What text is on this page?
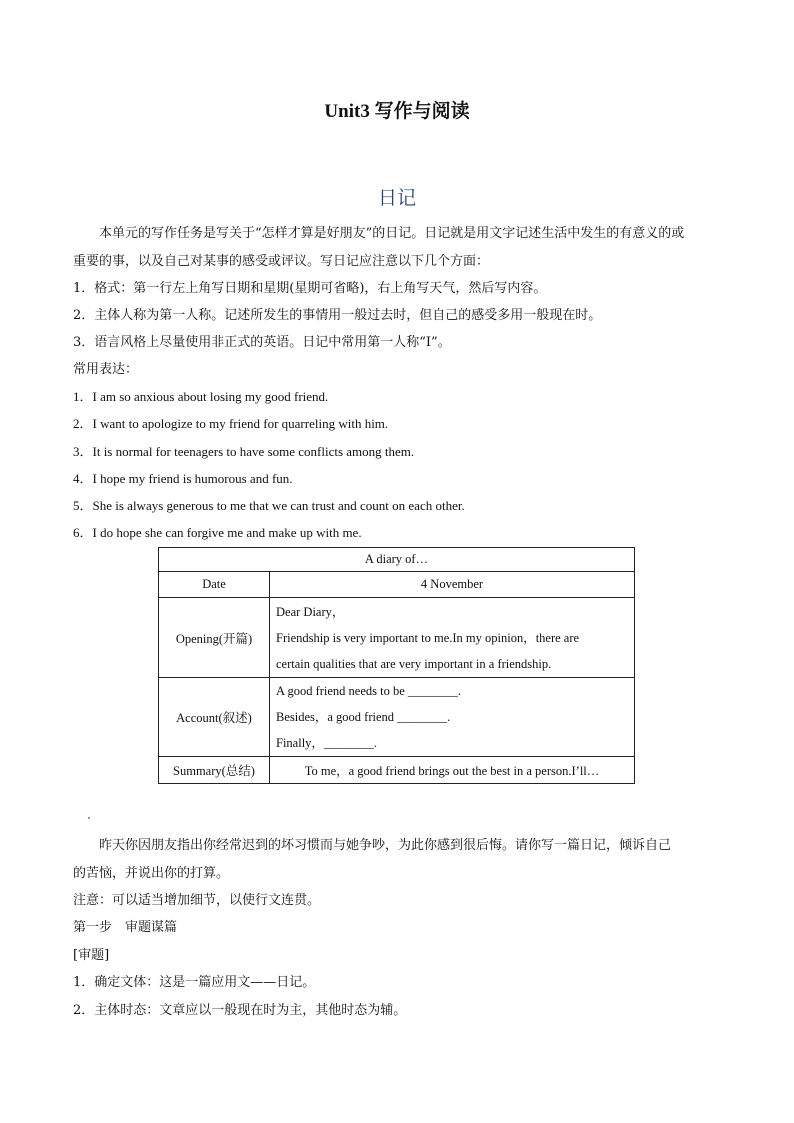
Unit3 写作与阅读
日记
本单元的写作任务是写关于“怎样才算是好朋友”的日记。日记就是用文字记述生活中发生的有意义的或
重要的事，以及自己对某事的感受或评议。写日记应注意以下几个方面：
1．格式：第一行左上角写日期和星期(星期可省略)，右上角写天气，然后写内容。
2．主体人称为第一人称。记述所发生的事情用一般过去时，但自己的感受多用一般现在时。
3．语言风格上尽量使用非正式的英语。日记中常用第一人称“I”。
常用表达：
1．I am so anxious about losing my good friend.
2．I want to apologize to my friend for quarreling with him.
3．It is normal for teenagers to have some conflicts among them.
4．I hope my friend is humorous and fun.
5．She is always generous to me that we can trust and count on each other.
6．I do hope she can forgive me and make up with me.
A diary of…	
Date	4 November
Opening(开篇)	Dear Diary，
Friendship is very important to me.In my opinion，there are
certain qualities that are very important in a friendship.

Account(叙述)	A good friend needs to be ________.
Besides，a good friend ________.
Finally，________.

Summary(总结)	To me，a good friend brings out the best in a person.I’ll…
昨天你因朋友指出你经常迟到的坏习惯而与她争吵，为此你感到很后悔。请你写一篇日记，倾诉自己
的苦恼，并说出你的打算。
注意：可以适当增加细节，以使行文连贯。
第一步　审题谋篇
[审题]
1．确定文体：这是一篇应用文——日记。
2．主体时态：文章应以一般现在时为主，其他时态为辅。
